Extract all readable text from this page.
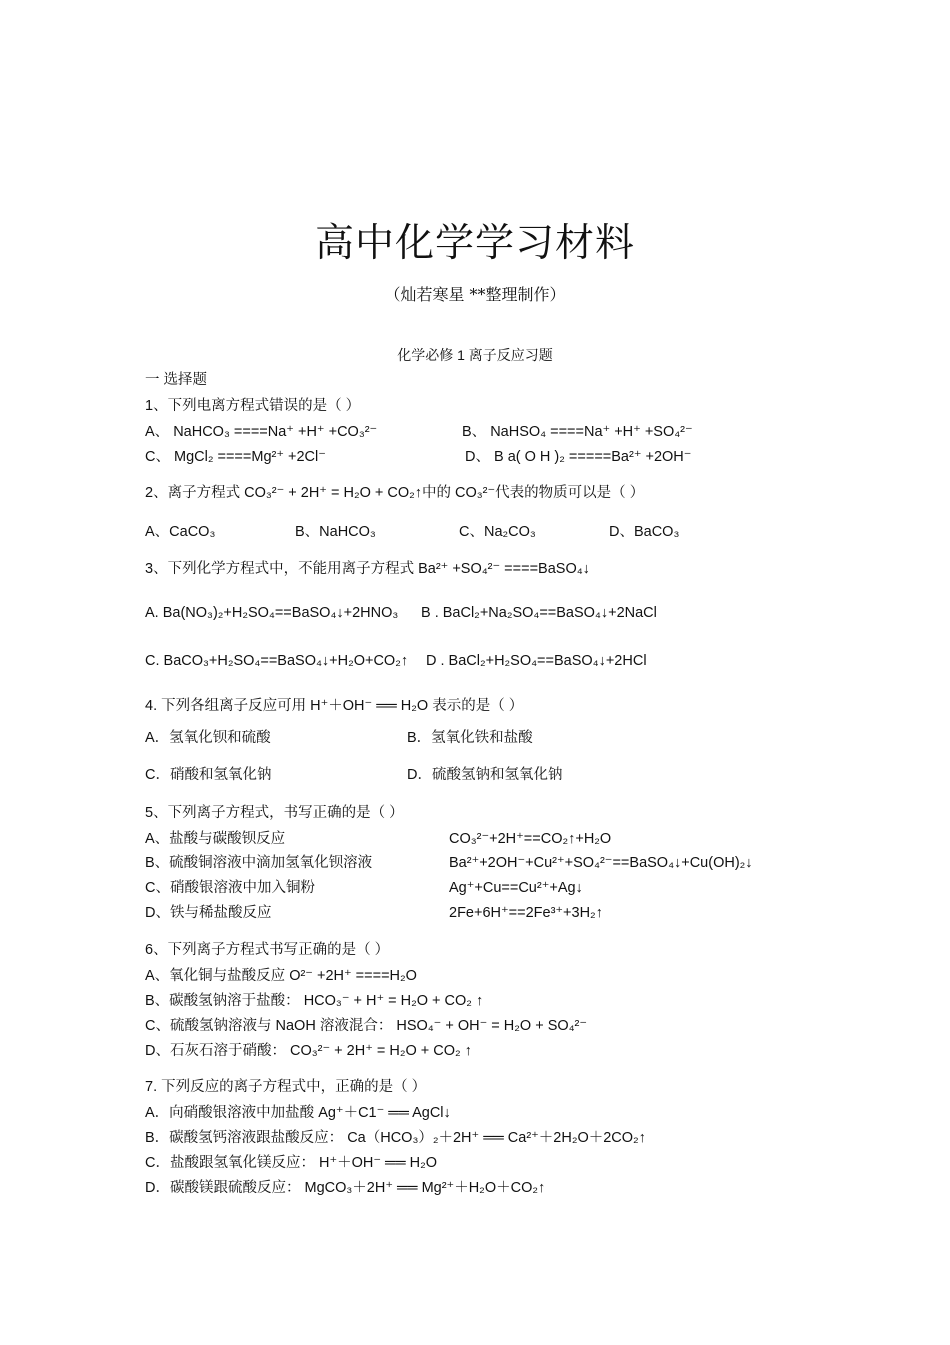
高中化学学习材料
（灿若寒星 **整理制作）
化学必修 1 离子反应习题
一 选择题
1、下列电离方程式错误的是（ ）
A、 NaHCO₃ ====Na⁺ +H⁺ +CO₃²⁻	B、 NaHSO₄ ====Na⁺ +H⁺ +SO₄²⁻
C、 MgCl₂ ====Mg²⁺ +2Cl⁻	D、 B a( O H )₂ =====Ba²⁺ +2OH⁻
2、离子方程式 CO₃²⁻ + 2H⁺ = H₂O + CO₂↑中的 CO₃²⁻代表的物质可以是（ ）
A、CaCO₃	B、NaHCO₃	C、Na₂CO₃	D、BaCO₃
3、下列化学方程式中，不能用离子方程式 Ba²⁺ +SO₄²⁻ ====BaSO₄↓
A. Ba(NO₃)₂+H₂SO₄==BaSO₄↓+2HNO₃ B . BaCl₂+Na₂SO₄==BaSO₄↓+2NaCl
C. BaCO₃+H₂SO₄==BaSO₄↓+H₂O+CO₂↑ D . BaCl₂+H₂SO₄==BaSO₄↓+2HCl
4. 下列各组离子反应可用 H⁺＋OH⁻ ══ H₂O 表示的是（ ）
A．氢氧化钡和硫酸	B．氢氧化铁和盐酸
C．硝酸和氢氧化钠	D．硫酸氢钠和氢氧化钠
5、下列离子方程式，书写正确的是（ ）
A、盐酸与碳酸钡反应	CO₃²⁻+2H⁺==CO₂↑+H₂O
B、硫酸铜溶液中滴加氢氧化钡溶液	Ba²⁺+2OH⁻+Cu²⁺+SO₄²⁻==BaSO₄↓+Cu(OH)₂↓
C、硝酸银溶液中加入铜粉	Ag⁺+Cu==Cu²⁺+Ag↓
D、铁与稀盐酸反应	2Fe+6H⁺==2Fe³⁺+3H₂↑
6、下列离子方程式书写正确的是（ ）
A、氧化铜与盐酸反应 O²⁻ +2H⁺ ====H₂O
B、碳酸氢钠溶于盐酸： HCO₃⁻ + H⁺ = H₂O + CO₂ ↑
C、硫酸氢钠溶液与 NaOH 溶液混合： HSO₄⁻ + OH⁻ = H₂O + SO₄²⁻
D、石灰石溶于硝酸： CO₃²⁻ + 2H⁺ = H₂O + CO₂ ↑
7. 下列反应的离子方程式中，正确的是（ ）
A．向硝酸银溶液中加盐酸 Ag⁺＋C1⁻ ══ AgCl↓
B．碳酸氢钙溶液跟盐酸反应： Ca（HCO₃）₂＋2H⁺ ══ Ca²⁺＋2H₂O＋2CO₂↑
C．盐酸跟氢氧化镁反应： H⁺＋OH⁻ ══ H₂O
D．碳酸镁跟硫酸反应： MgCO₃＋2H⁺ ══ Mg²⁺＋H₂O＋CO₂↑
